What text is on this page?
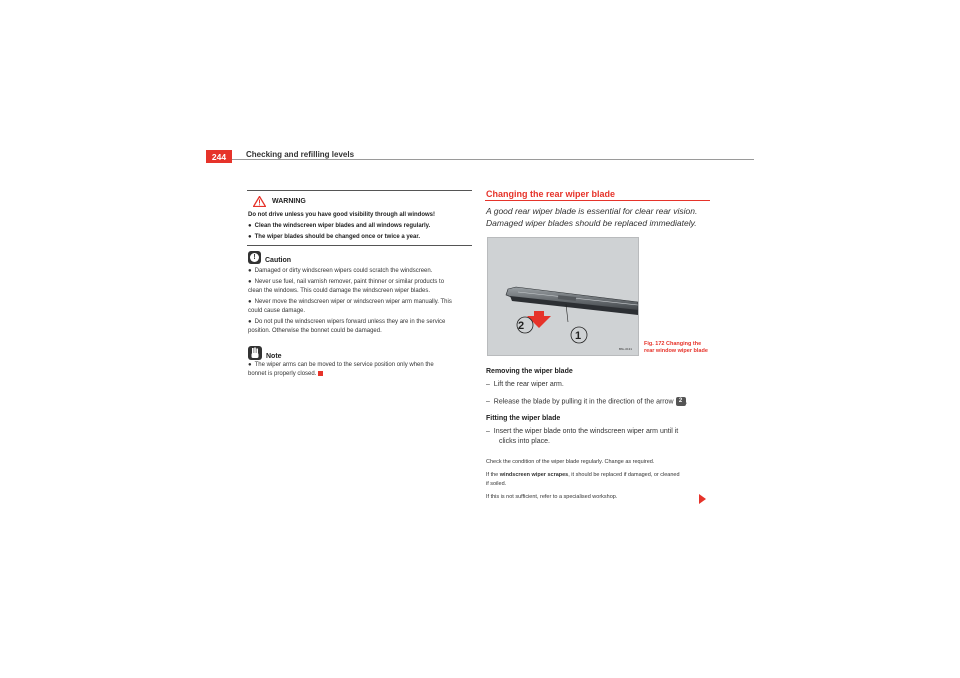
244	Checking and refilling levels
WARNING
Do not drive unless you have good visibility through all windows!
● Clean the windscreen wiper blades and all windows regularly.
● The wiper blades should be changed once or twice a year.
!	Caution
● Damaged or dirty windscreen wipers could scratch the windscreen.
● Never use fuel, nail varnish remover, paint thinner or similar products to
clean the windows. This could damage the windscreen wiper blades.
● Never move the windscreen wiper or windscreen wiper arm manually. This
could cause damage.
● Do not pull the windscreen wipers forward unless they are in the service
position. Otherwise the bonnet could be damaged.
Note
● The wiper arms can be moved to the service position only when the
bonnet is properly closed.
Changing the rear wiper blade
A good rear wiper blade is essential for clear rear vision.
Damaged wiper blades should be replaced immediately.
2
1
B6L-0131
Fig. 172 Changing the
rear window wiper blade
Removing the wiper blade
– Lift the rear wiper arm.
– Release the blade by pulling it in the direction of the arrow 2 .
Fitting the wiper blade
– Insert the wiper blade onto the windscreen wiper arm until it
clicks into place.
Check the condition of the wiper blade regularly. Change as required.
If the windscreen wiper scrapes, it should be replaced if damaged, or cleaned
if soiled.
If this is not sufficient, refer to a specialised workshop.
